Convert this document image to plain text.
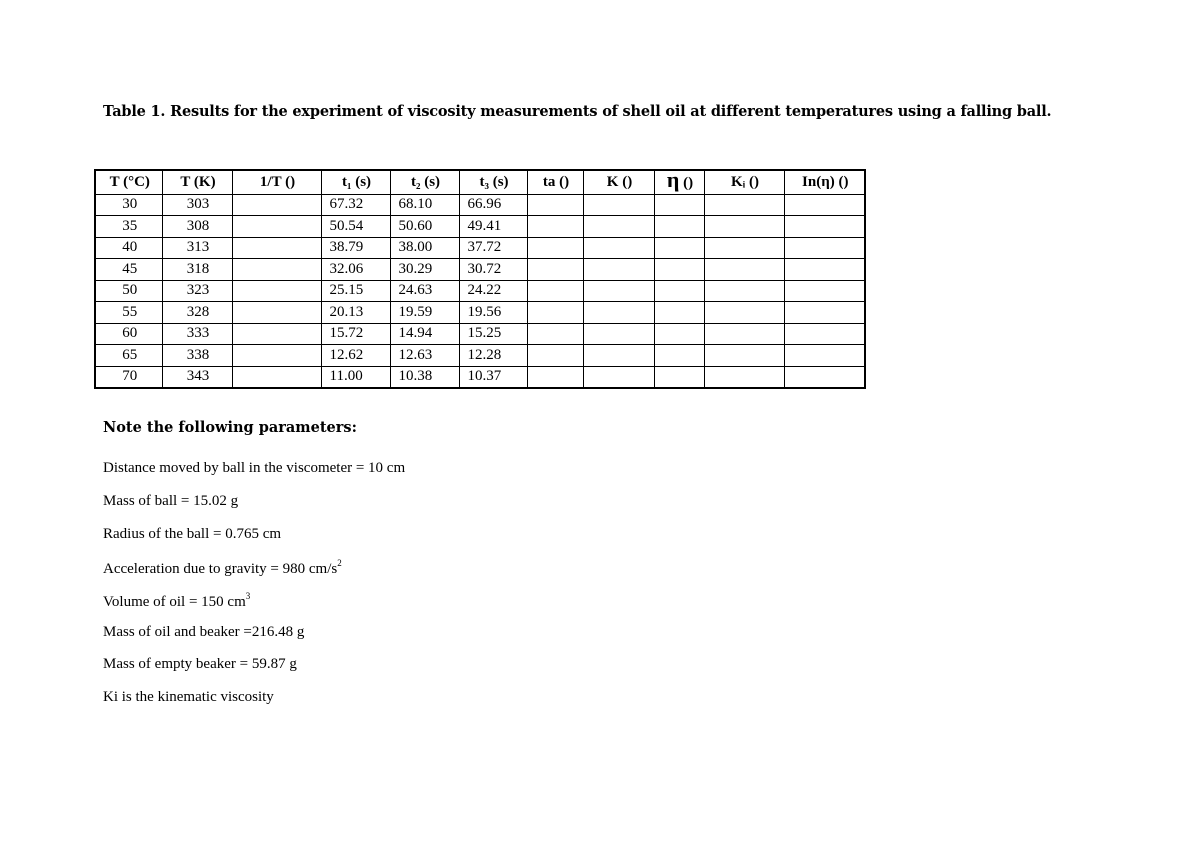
Table 1. Results for the experiment of viscosity measurements of shell oil at different temperatures using a falling ball.
T (°C)	T (K)	1/T ()	t₁ (s)	t₂ (s)	t₃ (s)	ta ()	K ()	η ()	Kᵢ ()	In(η) ()
30	303		67.32	68.10	66.96					
35	308		50.54	50.60	49.41					
40	313		38.79	38.00	37.72					
45	318		32.06	30.29	30.72					
50	323		25.15	24.63	24.22					
55	328		20.13	19.59	19.56					
60	333		15.72	14.94	15.25					
65	338		12.62	12.63	12.28					
70	343		11.00	10.38	10.37					
Note the following parameters:
Distance moved by ball in the viscometer = 10 cm
Mass of ball = 15.02 g
Radius of the ball = 0.765 cm
Acceleration due to gravity = 980 $cm/s^2$
Volume of oil = 150 $cm^3$
Mass of oil and beaker =216.48 g
Mass of empty beaker = 59.87 g
Ki is the kinematic viscosity
